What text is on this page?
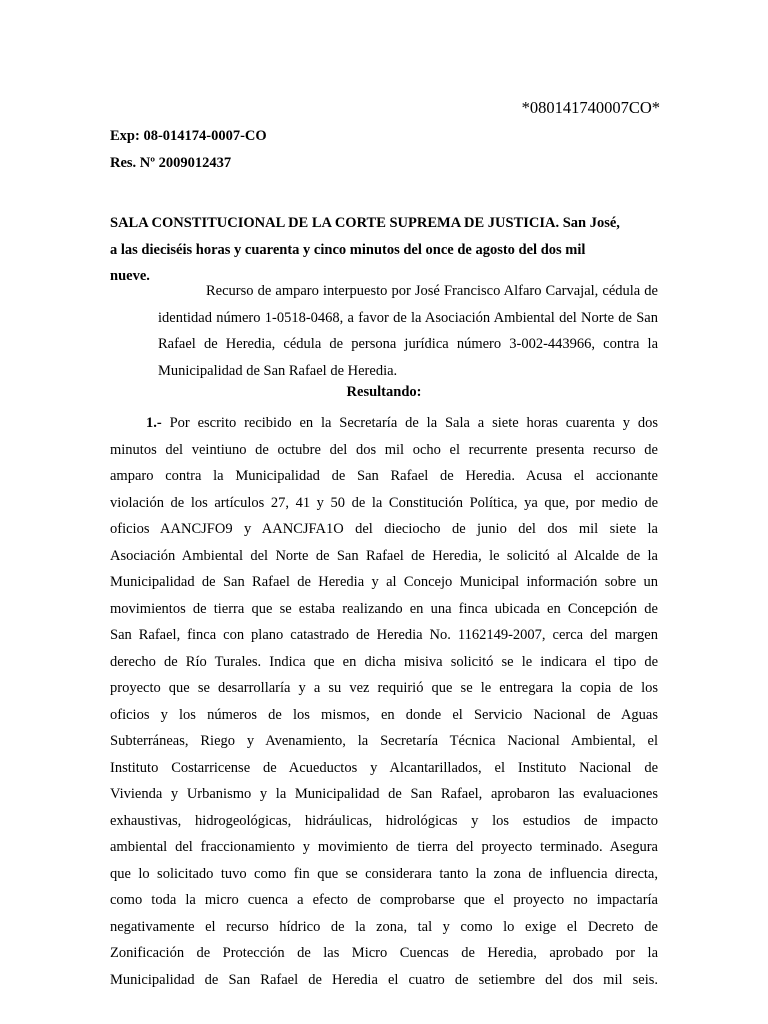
*080141740007CO*
Exp: 08-014174-0007-CO
Res. Nº 2009012437

SALA CONSTITUCIONAL DE LA CORTE SUPREMA DE JUSTICIA. San José,
a las dieciséis horas y cuarenta y cinco minutos del once de agosto del dos mil
nueve.

Recurso de amparo interpuesto por José Francisco Alfaro Carvajal, cédula de
identidad número 1-0518-0468, a favor de la Asociación Ambiental del Norte de San
Rafael de Heredia, cédula de persona jurídica número 3-002-443966, contra la
Municipalidad de San Rafael de Heredia.

Resultando:

1.- Por escrito recibido en la Secretaría de la Sala a siete horas cuarenta y dos
minutos del veintiuno de octubre del dos mil ocho el recurrente presenta recurso de
amparo contra la Municipalidad de San Rafael de Heredia. Acusa el accionante
violación de los artículos 27, 41 y 50 de la Constitución Política, ya que, por medio de
oficios AANCJFO9 y AANCJFA1O del dieciocho de junio del dos mil siete la
Asociación Ambiental del Norte de San Rafael de Heredia, le solicitó al Alcalde de la
Municipalidad de San Rafael de Heredia y al Concejo Municipal información sobre un
movimientos de tierra que se estaba realizando en una finca ubicada en Concepción de
San Rafael, finca con plano catastrado de Heredia No. 1162149-2007, cerca del margen
derecho de Río Turales. Indica que en dicha misiva solicitó se le indicara el tipo de
proyecto que se desarrollaría y a su vez requirió que se le entregara la copia de los
oficios y los números de los mismos, en donde el Servicio Nacional de Aguas
Subterráneas, Riego y Avenamiento, la Secretaría Técnica Nacional Ambiental, el
Instituto Costarricense de Acueductos y Alcantarillados, el Instituto Nacional de
Vivienda y Urbanismo y la Municipalidad de San Rafael, aprobaron las evaluaciones
exhaustivas, hidrogeológicas, hidráulicas, hidrológicas y los estudios de impacto
ambiental del fraccionamiento y movimiento de tierra del proyecto terminado. Asegura
que lo solicitado tuvo como fin que se considerara tanto la zona de influencia directa,
como toda la micro cuenca a efecto de comprobarse que el proyecto no impactaría
negativamente el recurso hídrico de la zona, tal y como lo exige el Decreto de
Zonificación de Protección de las Micro Cuencas de Heredia, aprobado por la
Municipalidad de San Rafael de Heredia el cuatro de setiembre del dos mil seis.
